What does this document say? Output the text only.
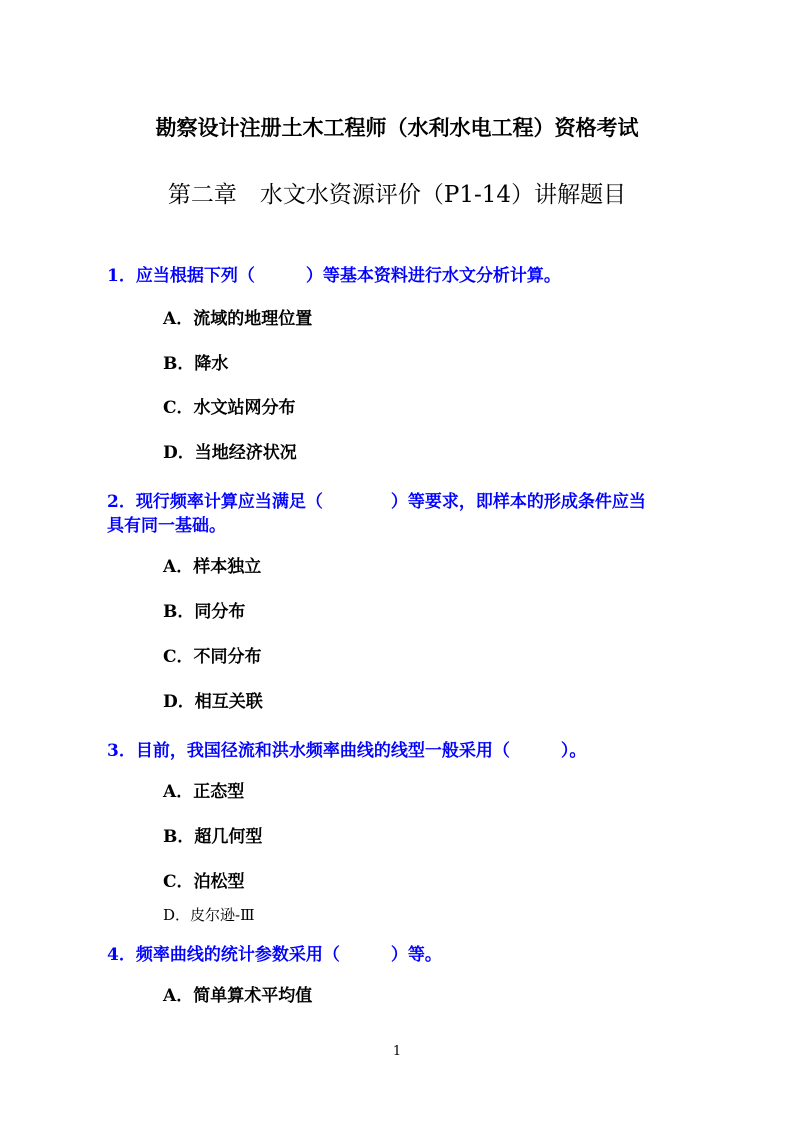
勘察设计注册土木工程师（水利水电工程）资格考试
第二章　水文水资源评价（P1-14）讲解题目
1．应当根据下列（　　　）等基本资料进行水文分析计算。
A．流域的地理位置
B．降水
C．水文站网分布
D．当地经济状况
2．现行频率计算应当满足（　　　　）等要求，即样本的形成条件应当
具有同一基础。
A．样本独立
B．同分布
C．不同分布
D．相互关联
3．目前，我国径流和洪水频率曲线的线型一般采用（　　　）。
A．正态型
B．超几何型
C．泊松型
D．皮尔逊-Ⅲ
4．频率曲线的统计参数采用（　　　）等。
A．简单算术平均值
1
